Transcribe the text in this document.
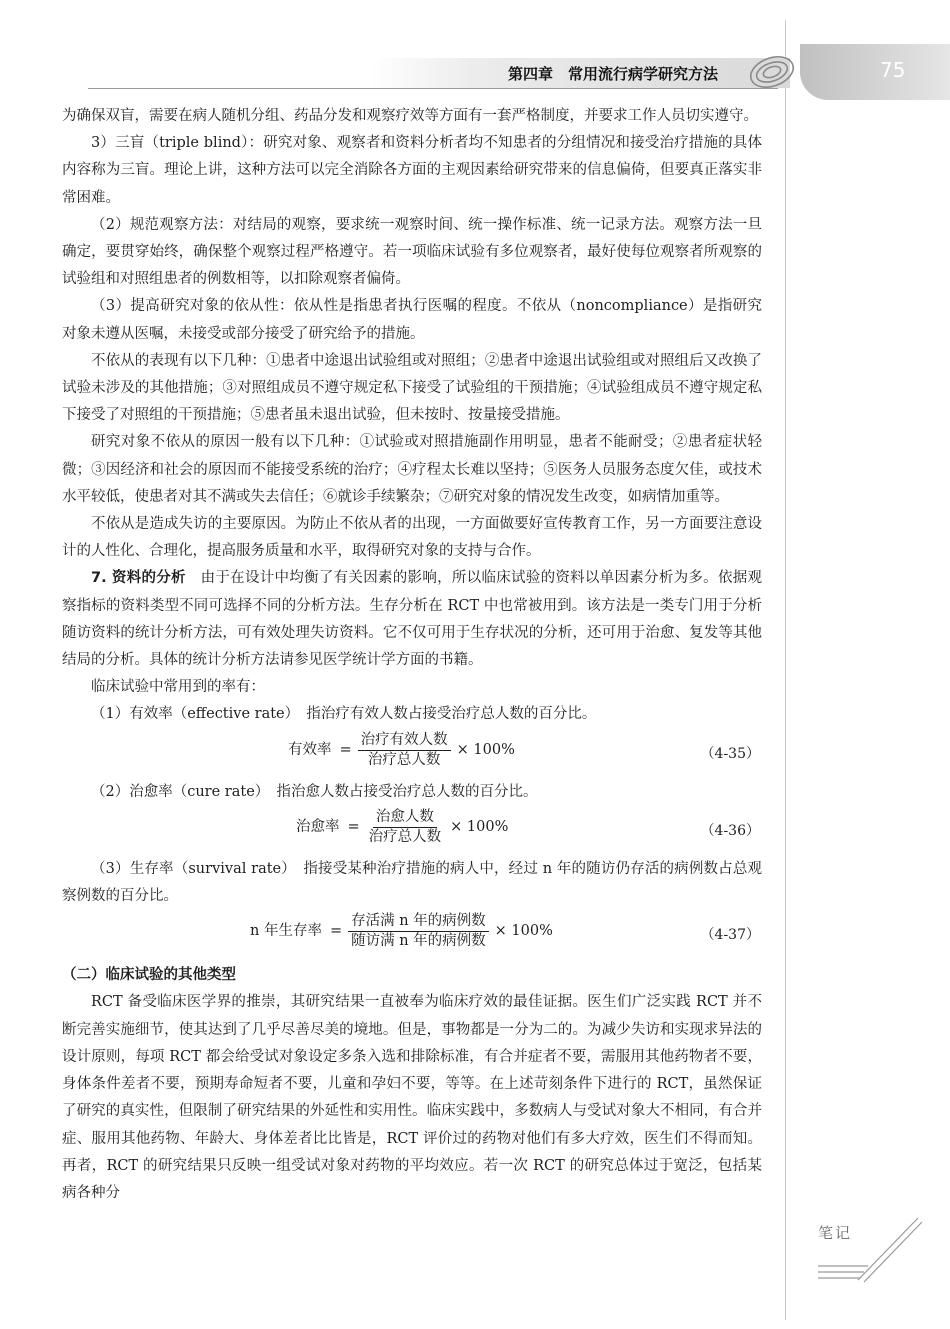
第四章　常用流行病学研究方法	75

为确保双盲，需要在病人随机分组、药品分发和观察疗效等方面有一套严格制度，并要求工作人员切实遵守。

3）三盲（triple blind）：研究对象、观察者和资料分析者均不知患者的分组情况和接受治疗措施的具体内容称为三盲。理论上讲，这种方法可以完全消除各方面的主观因素给研究带来的信息偏倚，但要真正落实非常困难。

（2）规范观察方法：对结局的观察，要求统一观察时间、统一操作标准、统一记录方法。观察方法一旦确定，要贯穿始终，确保整个观察过程严格遵守。若一项临床试验有多位观察者，最好使每位观察者所观察的试验组和对照组患者的例数相等，以扣除观察者偏倚。

（3）提高研究对象的依从性：依从性是指患者执行医嘱的程度。不依从（noncompliance）是指研究对象未遵从医嘱，未接受或部分接受了研究给予的措施。

不依从的表现有以下几种：①患者中途退出试验组或对照组；②患者中途退出试验组或对照组后又改换了试验未涉及的其他措施；③对照组成员不遵守规定私下接受了试验组的干预措施；④试验组成员不遵守规定私下接受了对照组的干预措施；⑤患者虽未退出试验，但未按时、按量接受措施。

研究对象不依从的原因一般有以下几种：①试验或对照措施副作用明显，患者不能耐受；②患者症状轻微；③因经济和社会的原因而不能接受系统的治疗；④疗程太长难以坚持；⑤医务人员服务态度欠佳，或技术水平较低，使患者对其不满或失去信任；⑥就诊手续繁杂；⑦研究对象的情况发生改变，如病情加重等。

不依从是造成失访的主要原因。为防止不依从者的出现，一方面做要好宣传教育工作，另一方面要注意设计的人性化、合理化，提高服务质量和水平，取得研究对象的支持与合作。

7. 资料的分析　由于在设计中均衡了有关因素的影响，所以临床试验的资料以单因素分析为多。依据观察指标的资料类型不同可选择不同的分析方法。生存分析在 RCT 中也常被用到。该方法是一类专门用于分析随访资料的统计分析方法，可有效处理失访资料。它不仅可用于生存状况的分析，还可用于治愈、复发等其他结局的分析。具体的统计分析方法请参见医学统计学方面的书籍。

临床试验中常用到的率有：

（1）有效率（effective rate）　指治疗有效人数占接受治疗总人数的百分比。

有效率 = $\frac{\text{治疗有效人数}}{\text{治疗总人数}} \times 100\%$	（4-35）

（2）治愈率（cure rate）　指治愈人数占接受治疗总人数的百分比。

治愈率 = $\frac{\text{治愈人数}}{\text{治疗总人数}} \times 100\%$	（4-36）

（3）生存率（survival rate）　指接受某种治疗措施的病人中，经过 n 年的随访仍存活的病例数占总观察例数的百分比。

n 年生存率 = $\frac{\text{存活满 n 年的病例数}}{\text{随访满 n 年的病例数}} \times 100\%$	（4-37）

（二）临床试验的其他类型

RCT 备受临床医学界的推崇，其研究结果一直被奉为临床疗效的最佳证据。医生们广泛实践 RCT 并不断完善实施细节，使其达到了几乎尽善尽美的境地。但是，事物都是一分为二的。为减少失访和实现求异法的设计原则，每项 RCT 都会给受试对象设定多条入选和排除标准，有合并症者不要，需服用其他药物者不要，身体条件差者不要，预期寿命短者不要，儿童和孕妇不要，等等。在上述苛刻条件下进行的 RCT，虽然保证了研究的真实性，但限制了研究结果的外延性和实用性。临床实践中，多数病人与受试对象大不相同，有合并症、服用其他药物、年龄大、身体差者比比皆是，RCT 评价过的药物对他们有多大疗效，医生们不得而知。再者，RCT 的研究结果只反映一组受试对象对药物的平均效应。若一次 RCT 的研究总体过于宽泛，包括某病各种分

笔记
